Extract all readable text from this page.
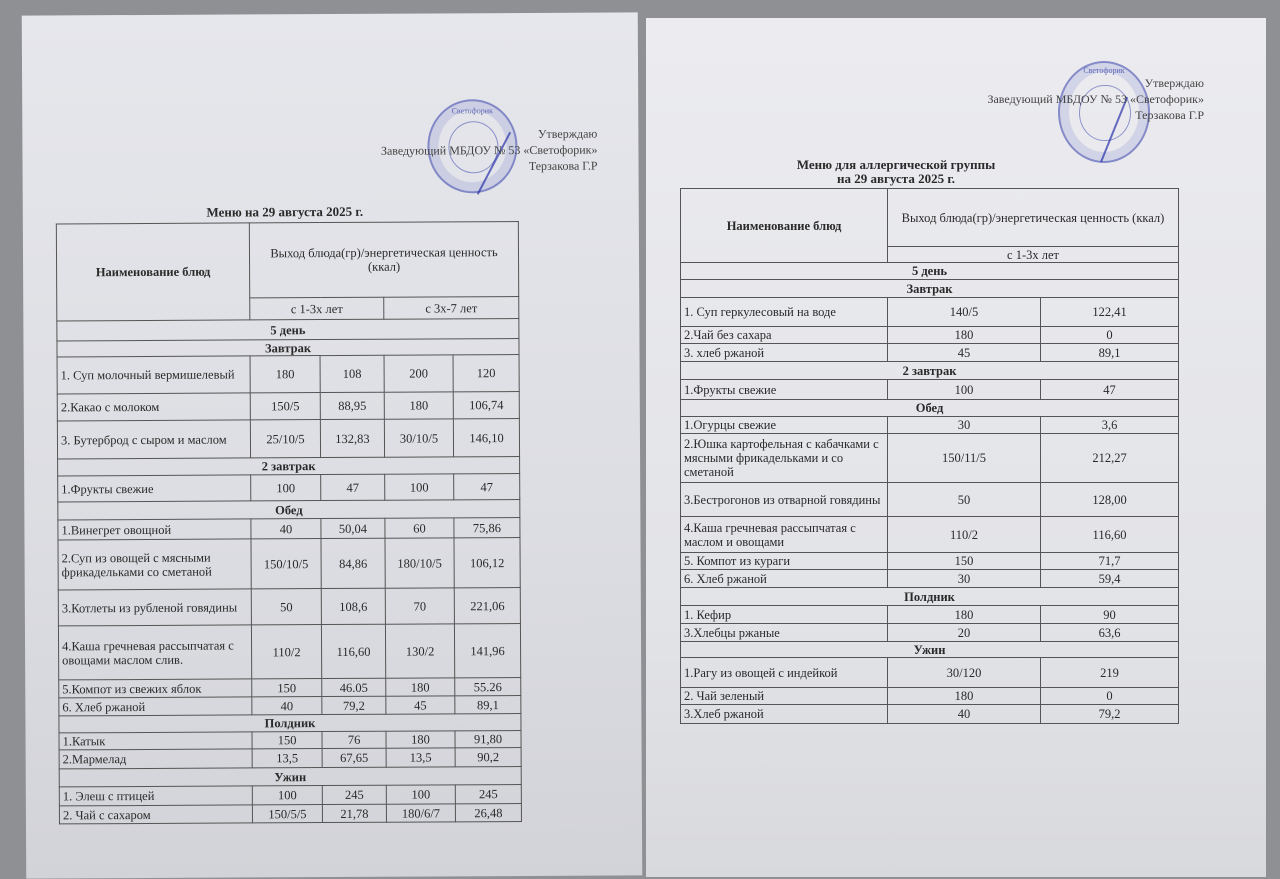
Светофорик
Утверждаю
Заведующий МБДОУ № 53 «Светофорик»
Терзакова Г.Р
Меню на 29 августа 2025 г.
Наименование блюд	Выход блюда(гр)/энергетическая ценность (ккал)			
	с 1-3х лет		с 3х-7 лет	
5 день				
Завтрак				
1. Суп молочный вермишелевый	180	108	200	120
2.Какао с молоком	150/5	88,95	180	106,74
3. Бутерброд с сыром и маслом	25/10/5	132,83	30/10/5	146,10
2 завтрак				
1.Фрукты свежие	100	47	100	47
Обед				
1.Винегрет овощной	40	50,04	60	75,86
2.Суп из овощей с мясными фрикадельками со сметаной	150/10/5	84,86	180/10/5	106,12
3.Котлеты из рубленой говядины	50	108,6	70	221,06
4.Каша гречневая рассыпчатая с овощами маслом слив.	110/2	116,60	130/2	141,96
5.Компот из свежих яблок	150	46.05	180	55.26
6. Хлеб ржаной	40	79,2	45	89,1
Полдник				
1.Катык	150	76	180	91,80
2.Мармелад	13,5	67,65	13,5	90,2
Ужин				
1. Элеш с птицей	100	245	100	245
2. Чай с сахаром	150/5/5	21,78	180/6/7	26,48
Светофорик
Утверждаю
Заведующий МБДОУ № 53 «Светофорик»
Терзакова Г.Р
Меню для аллергической группы
на 29 августа 2025 г.
Наименование блюд	Выход блюда(гр)/энергетическая ценность (ккал)	
	с 1-3х лет	
5 день		
Завтрак		
1. Суп геркулесовый на воде	140/5	122,41
2.Чай без сахара	180	0
3. хлеб ржаной	45	89,1
2 завтрак		
1.Фрукты свежие	100	47
Обед		
1.Огурцы свежие	30	3,6
2.Юшка картофельная с кабачками с мясными фрикадельками и со сметаной	150/11/5	212,27
3.Бестрогонов из отварной говядины	50	128,00
4.Каша гречневая рассыпчатая с маслом и овощами	110/2	116,60
5. Компот из кураги	150	71,7
6. Хлеб ржаной	30	59,4
Полдник		
1. Кефир	180	90
3.Хлебцы ржаные	20	63,6
Ужин		
1.Рагу из овощей с индейкой	30/120	219
2. Чай зеленый	180	0
3.Хлеб ржаной	40	79,2
